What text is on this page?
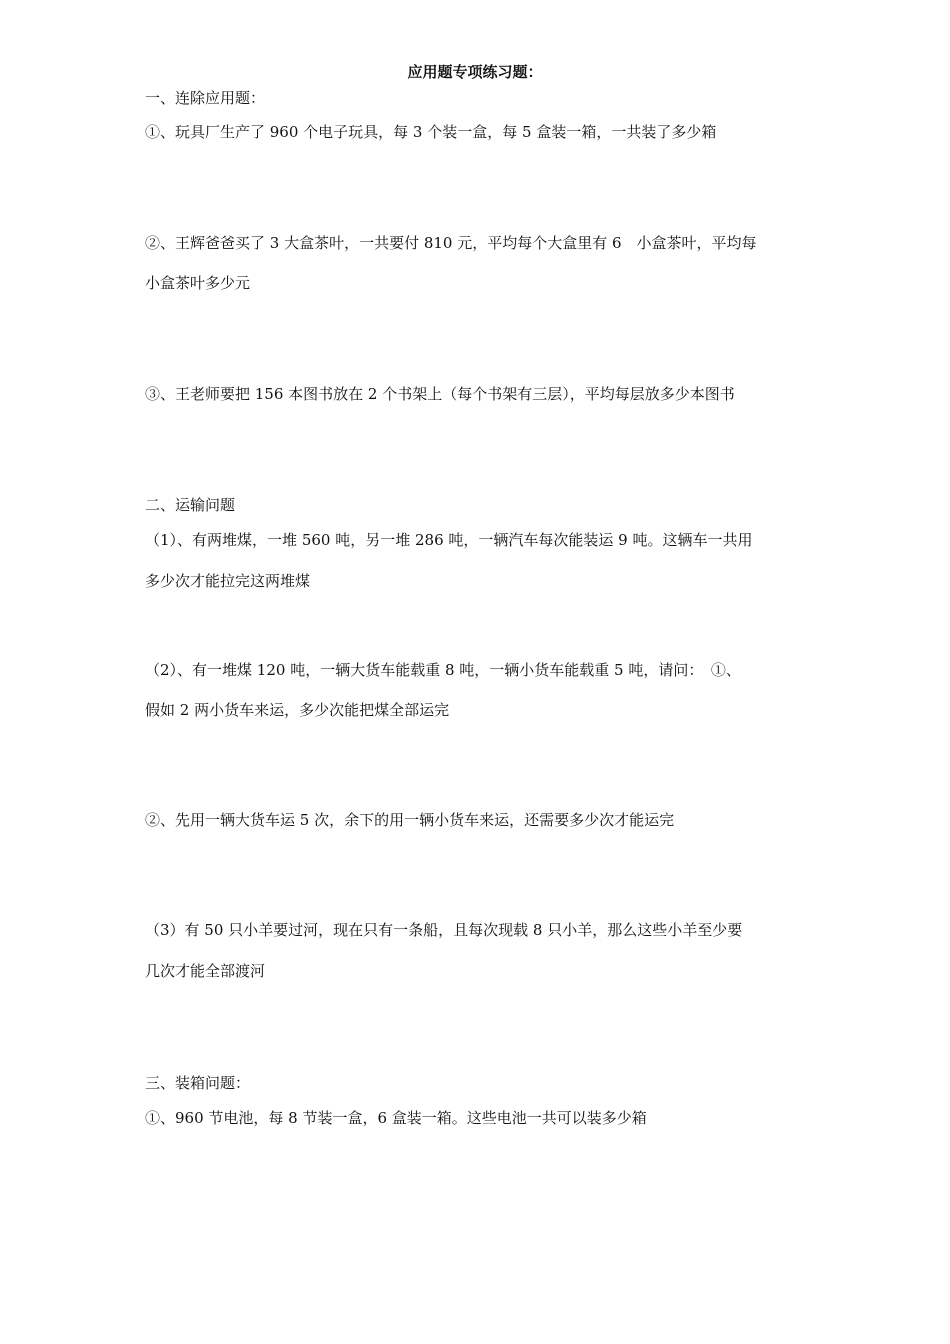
应用题专项练习题：
一、连除应用题：
①、玩具厂生产了 960 个电子玩具，每 3 个装一盒，每 5 盒装一箱，一共装了多少箱
②、王辉爸爸买了 3 大盒茶叶，一共要付 810 元，平均每个大盒里有 6　小盒茶叶，平均每
小盒茶叶多少元
③、王老师要把 156 本图书放在 2 个书架上（每个书架有三层），平均每层放多少本图书
二、运输问题
（1）、有两堆煤，一堆 560 吨，另一堆 286 吨，一辆汽车每次能装运 9 吨。这辆车一共用
多少次才能拉完这两堆煤
（2）、有一堆煤 120 吨，一辆大货车能载重 8 吨，一辆小货车能载重 5 吨，请问：　①、
假如 2 两小货车来运，多少次能把煤全部运完
②、先用一辆大货车运 5 次，余下的用一辆小货车来运，还需要多少次才能运完
（3）有 50 只小羊要过河，现在只有一条船，且每次现载 8 只小羊，那么这些小羊至少要
几次才能全部渡河
三、装箱问题：
①、960 节电池，每 8 节装一盒，6 盒装一箱。这些电池一共可以装多少箱
